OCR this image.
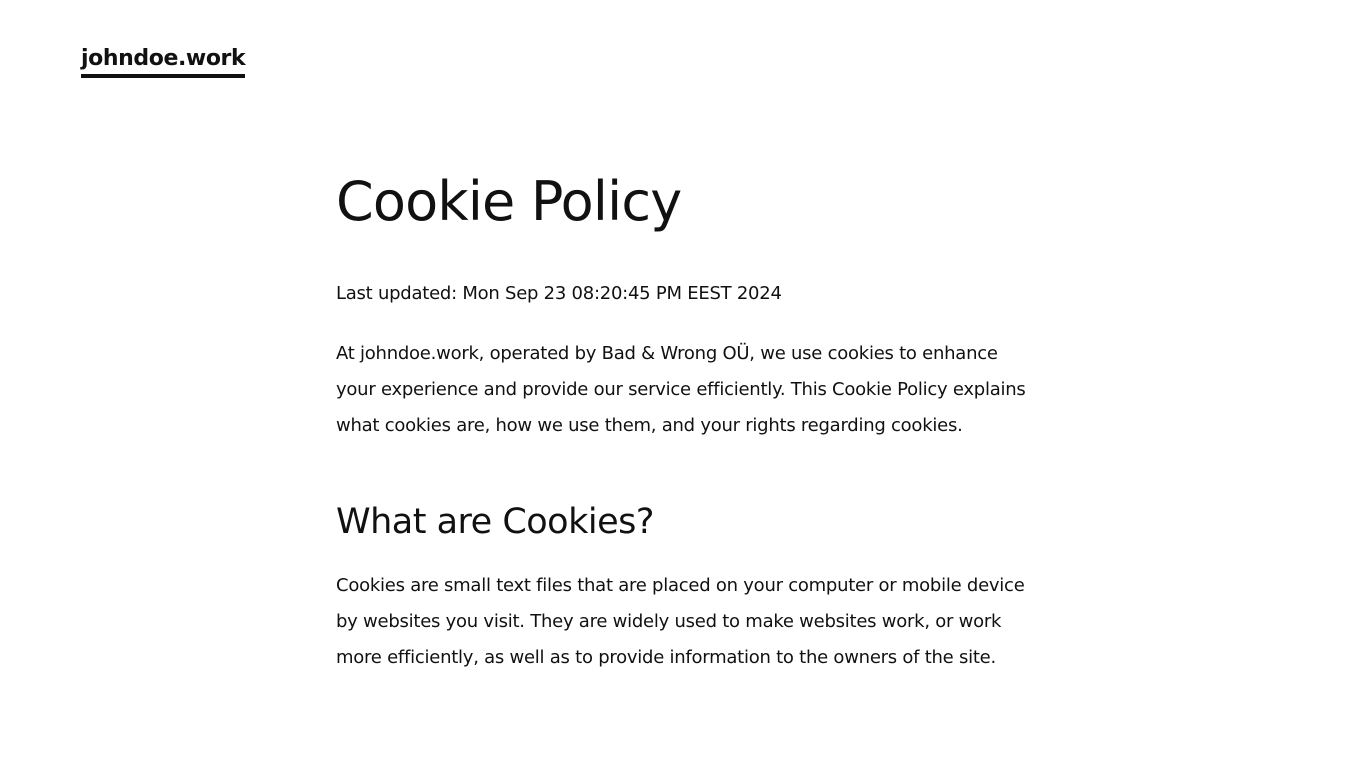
johndoe.work
Cookie Policy

Last updated: Mon Sep 23 08:20:45 PM EEST 2024

At johndoe.work, operated by Bad & Wrong OÜ, we use cookies to enhance your experience and provide our service efficiently. This Cookie Policy explains what cookies are, how we use them, and your rights regarding cookies.

What are Cookies?

Cookies are small text files that are placed on your computer or mobile device by websites you visit. They are widely used to make websites work, or work more efficiently, as well as to provide information to the owners of the site.
